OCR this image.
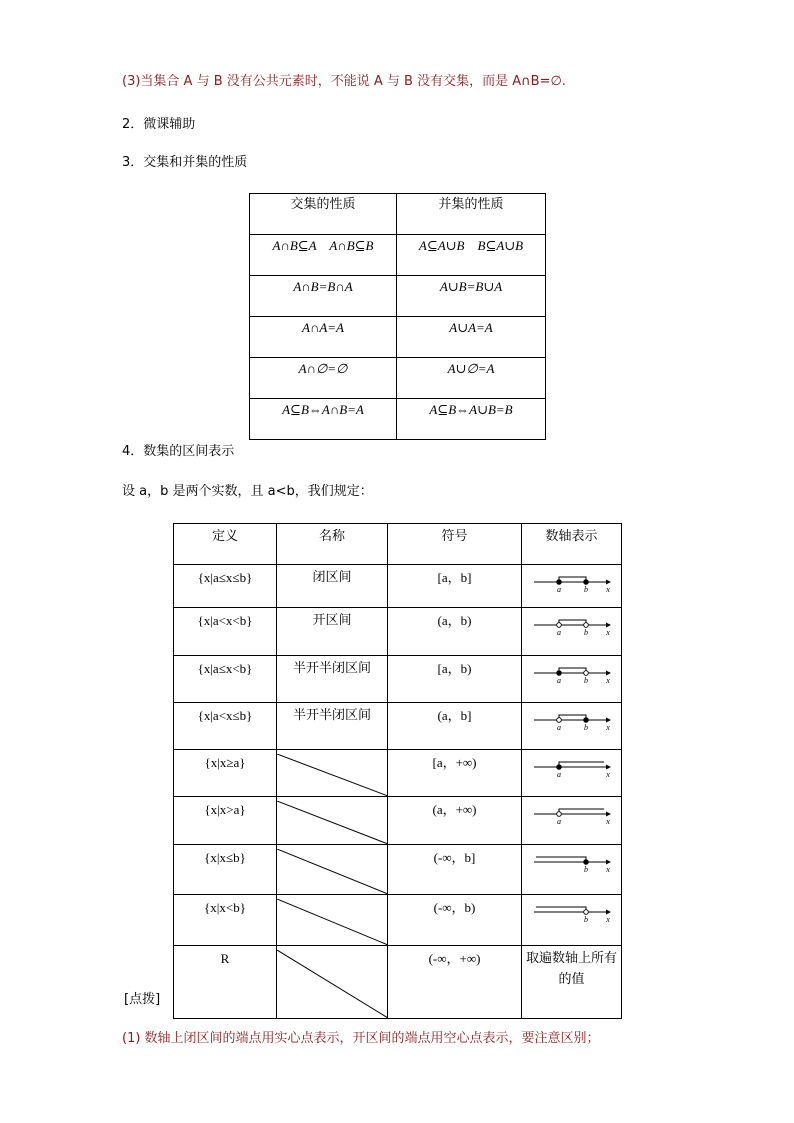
(3)当集合 A 与 B 没有公共元素时，不能说 A 与 B 没有交集，而是 A∩B=∅.
2．微课辅助
3．交集和并集的性质
交集的性质	并集的性质
A∩B⊆A　A∩B⊆B	A⊆A∪B　B⊆A∪B
A∩B=B∩A	A∪B=B∪A
A∩A=A	A∪A=A
A∩∅=∅	A∪∅=A
A⊆B⇔A∩B=A	A⊆B⇔A∪B=B
4．数集的区间表示
设 a，b 是两个实数，且 a<b，我们规定：
定义	名称	符号	数轴表示
{x|a≤x≤b}	闭区间	[a，b]	a b x

{x|a<x<b}	开区间	(a，b)	a b x

{x|a≤x<b}	半开半闭区间	[a，b)	a b x

{x|a<x≤b}	半开半闭区间	(a，b]	a b x

{x|x≥a}		[a，+∞)	a x

{x|x>a}		(a，+∞)	a x

{x|x≤b}		(-∞，b]	b x

{x|x<b}		(-∞，b)	b x

R		(-∞，+∞)	取遍数轴上所有的值
[点拨]
(1) 数轴上闭区间的端点用实心点表示，开区间的端点用空心点表示，要注意区别；
